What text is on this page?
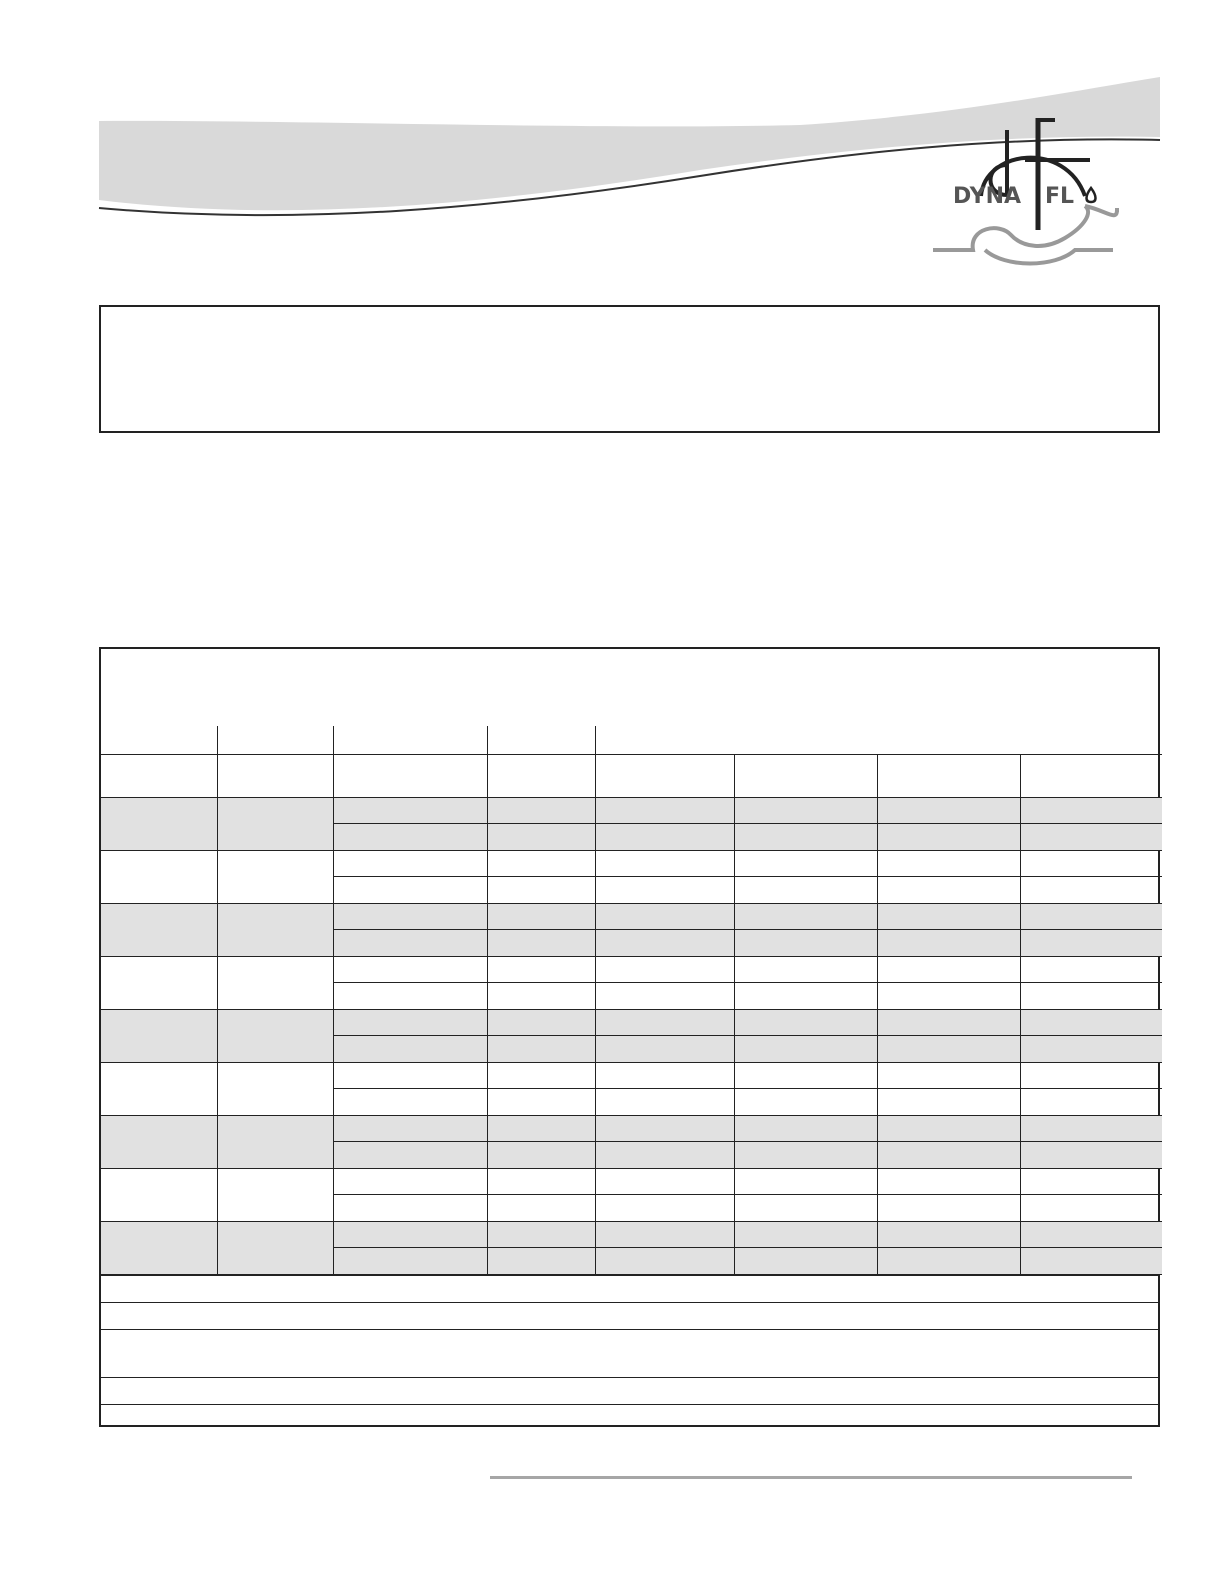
DYNA FL
